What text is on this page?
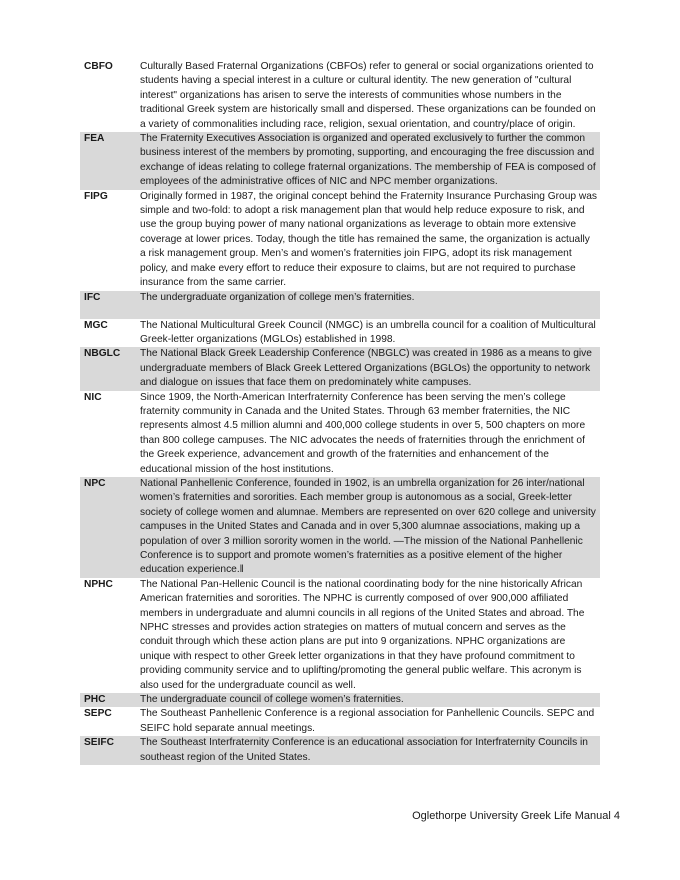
CBFO	Culturally Based Fraternal Organizations (CBFOs) refer to general or social organizations oriented to students having a special interest in a culture or cultural identity. The new generation of "cultural interest" organizations has arisen to serve the interests of communities whose numbers in the traditional Greek system are historically small and dispersed. These organizations can be founded on a variety of commonalities including race, religion, sexual orientation, and country/place of origin.
FEA	The Fraternity Executives Association is organized and operated exclusively to further the common business interest of the members by promoting, supporting, and encouraging the free discussion and exchange of ideas relating to college fraternal organizations. The membership of FEA is composed of employees of the administrative offices of NIC and NPC member organizations.
FIPG	Originally formed in 1987, the original concept behind the Fraternity Insurance Purchasing Group was simple and two-fold: to adopt a risk management plan that would help reduce exposure to risk, and use the group buying power of many national organizations as leverage to obtain more extensive coverage at lower prices. Today, though the title has remained the same, the organization is actually a risk management group. Men’s and women’s fraternities join FIPG, adopt its risk management policy, and make every effort to reduce their exposure to claims, but are not required to purchase insurance from the same carrier.
IFC	The undergraduate organization of college men’s fraternities.
MGC	The National Multicultural Greek Council (NMGC) is an umbrella council for a coalition of Multicultural Greek-letter organizations (MGLOs) established in 1998.
NBGLC	The National Black Greek Leadership Conference (NBGLC) was created in 1986 as a means to give undergraduate members of Black Greek Lettered Organizations (BGLOs) the opportunity to network and dialogue on issues that face them on predominately white campuses.
NIC	Since 1909, the North-American Interfraternity Conference has been serving the men’s college fraternity community in Canada and the United States. Through 63 member fraternities, the NIC represents almost 4.5 million alumni and 400,000 college students in over 5, 500 chapters on more than 800 college campuses. The NIC advocates the needs of fraternities through the enrichment of the Greek experience, advancement and growth of the fraternities and enhancement of the educational mission of the host institutions.
NPC	National Panhellenic Conference, founded in 1902, is an umbrella organization for 26 inter/national women’s fraternities and sororities. Each member group is autonomous as a social, Greek-letter society of college women and alumnae. Members are represented on over 620 college and university campuses in the United States and Canada and in over 5,300 alumnae associations, making up a population of over 3 million sorority women in the world. —The mission of the National Panhellenic Conference is to support and promote women’s fraternities as a positive element of the higher education experience.‖
NPHC	The National Pan-Hellenic Council is the national coordinating body for the nine historically African American fraternities and sororities. The NPHC is currently composed of over 900,000 affiliated members in undergraduate and alumni councils in all regions of the United States and abroad. The NPHC stresses and provides action strategies on matters of mutual concern and serves as the conduit through which these action plans are put into 9 organizations. NPHC organizations are unique with respect to other Greek letter organizations in that they have profound commitment to providing community service and to uplifting/promoting the general public welfare. This acronym is also used for the undergraduate council as well.
PHC	The undergraduate council of college women’s fraternities.
SEPC	The Southeast Panhellenic Conference is a regional association for Panhellenic Councils. SEPC and SEIFC hold separate annual meetings.
SEIFC	The Southeast Interfraternity Conference is an educational association for Interfraternity Councils in southeast region of the United States.
Oglethorpe University Greek Life Manual 4
